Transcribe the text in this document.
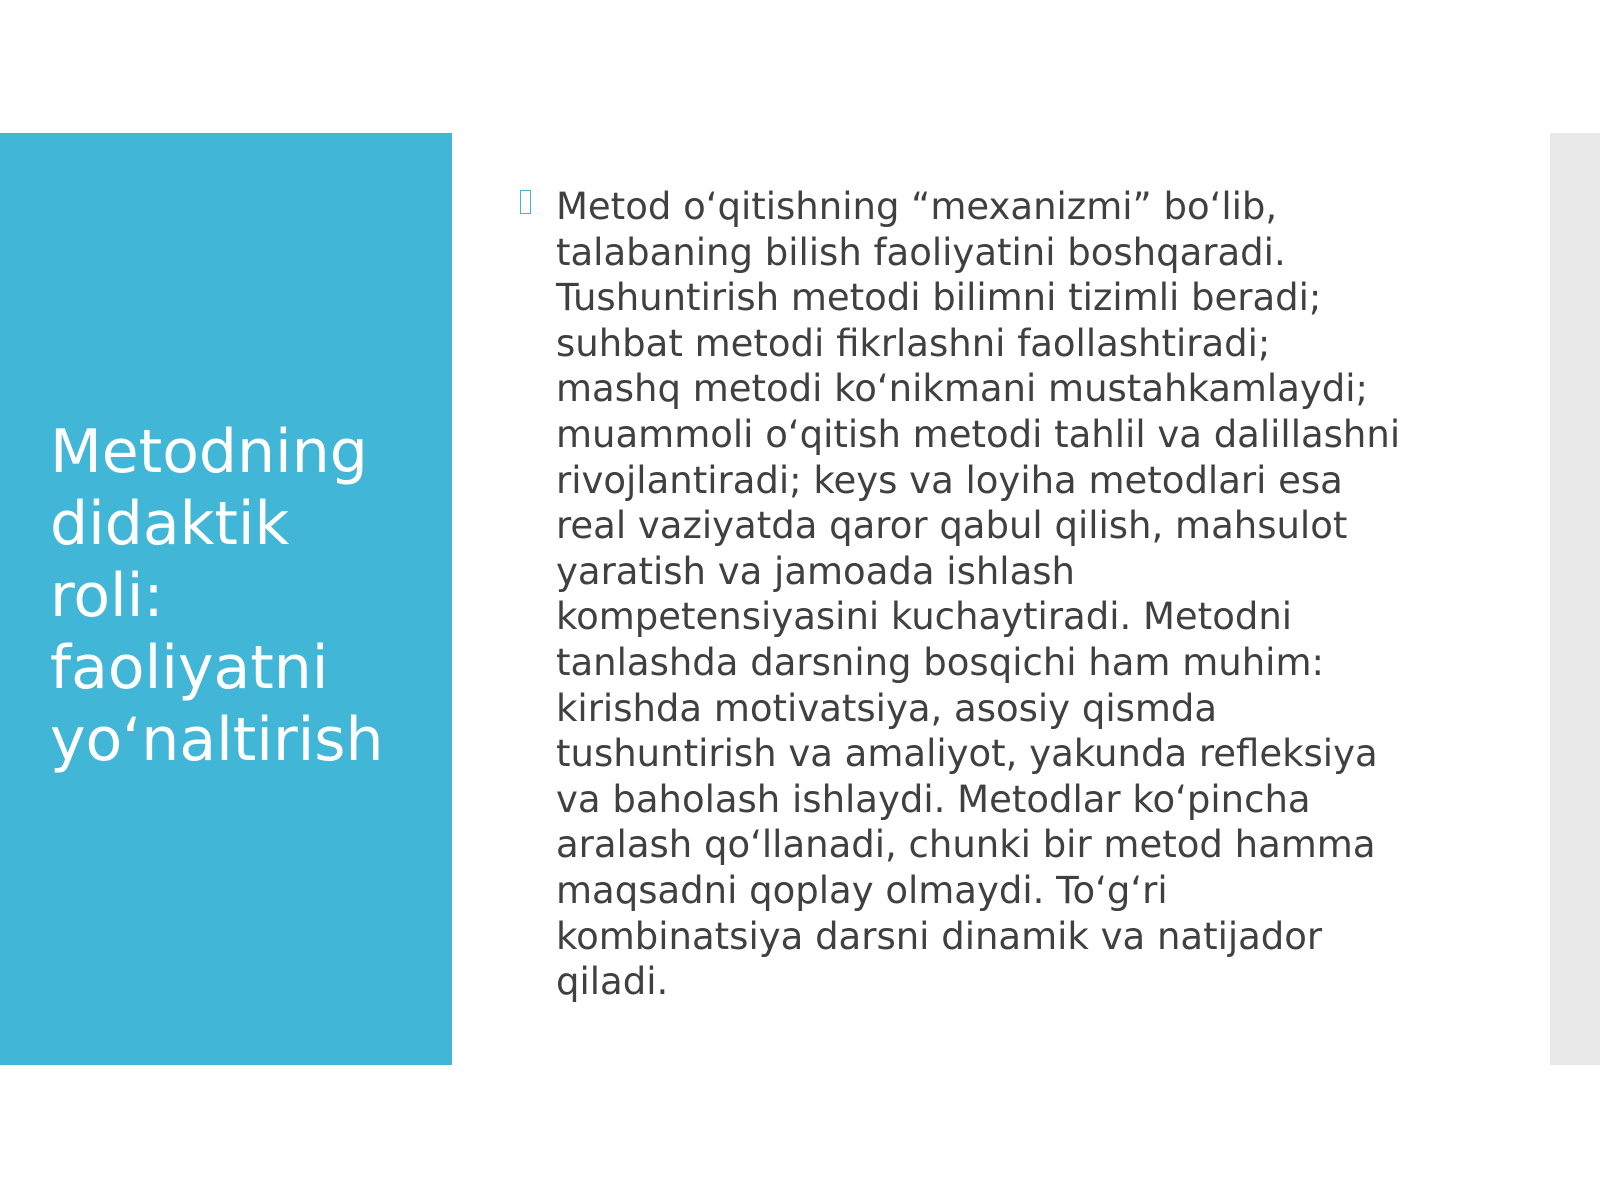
Metodning
didaktik
roli:
faoliyatni
yo‘naltirish

Metod o‘qitishning “mexanizmi” bo‘lib,
talabaning bilish faoliyatini boshqaradi.
Tushuntirish metodi bilimni tizimli beradi;
suhbat metodi fikrlashni faollashtiradi;
mashq metodi ko‘nikmani mustahkamlaydi;
muammoli o‘qitish metodi tahlil va dalillashni
rivojlantiradi; keys va loyiha metodlari esa
real vaziyatda qaror qabul qilish, mahsulot
yaratish va jamoada ishlash
kompetensiyasini kuchaytiradi. Metodni
tanlashda darsning bosqichi ham muhim:
kirishda motivatsiya, asosiy qismda
tushuntirish va amaliyot, yakunda refleksiya
va baholash ishlaydi. Metodlar ko‘pincha
aralash qo‘llanadi, chunki bir metod hamma
maqsadni qoplay olmaydi. To‘g‘ri
kombinatsiya darsni dinamik va natijador
qiladi.
